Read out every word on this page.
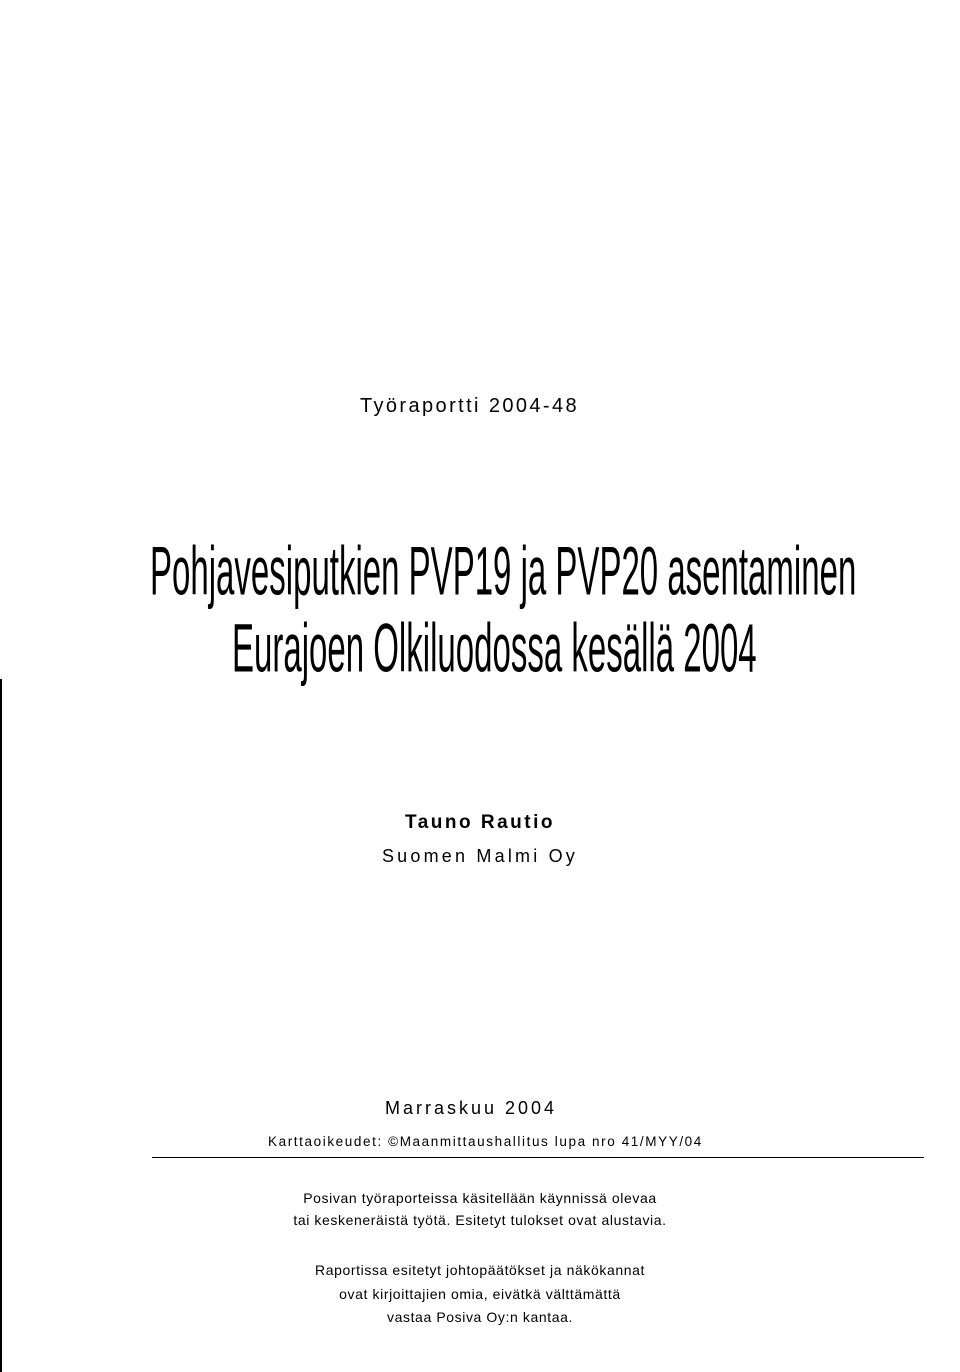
Työraportti 2004-48
Pohjavesiputkien PVP19 ja PVP20 asentaminen
Eurajoen Olkiluodossa kesällä 2004
Tauno Rautio
Suomen Malmi Oy
Marraskuu 2004
Karttaoikeudet: ©Maanmittaushallitus lupa nro 41/MYY/04
Posivan työraporteissa käsitellään käynnissä olevaa
tai keskeneräistä työtä. Esitetyt tulokset ovat alustavia.
Raportissa esitetyt johtopäätökset ja näkökannat
ovat kirjoittajien omia, eivätkä välttämättä
vastaa Posiva Oy:n kantaa.
